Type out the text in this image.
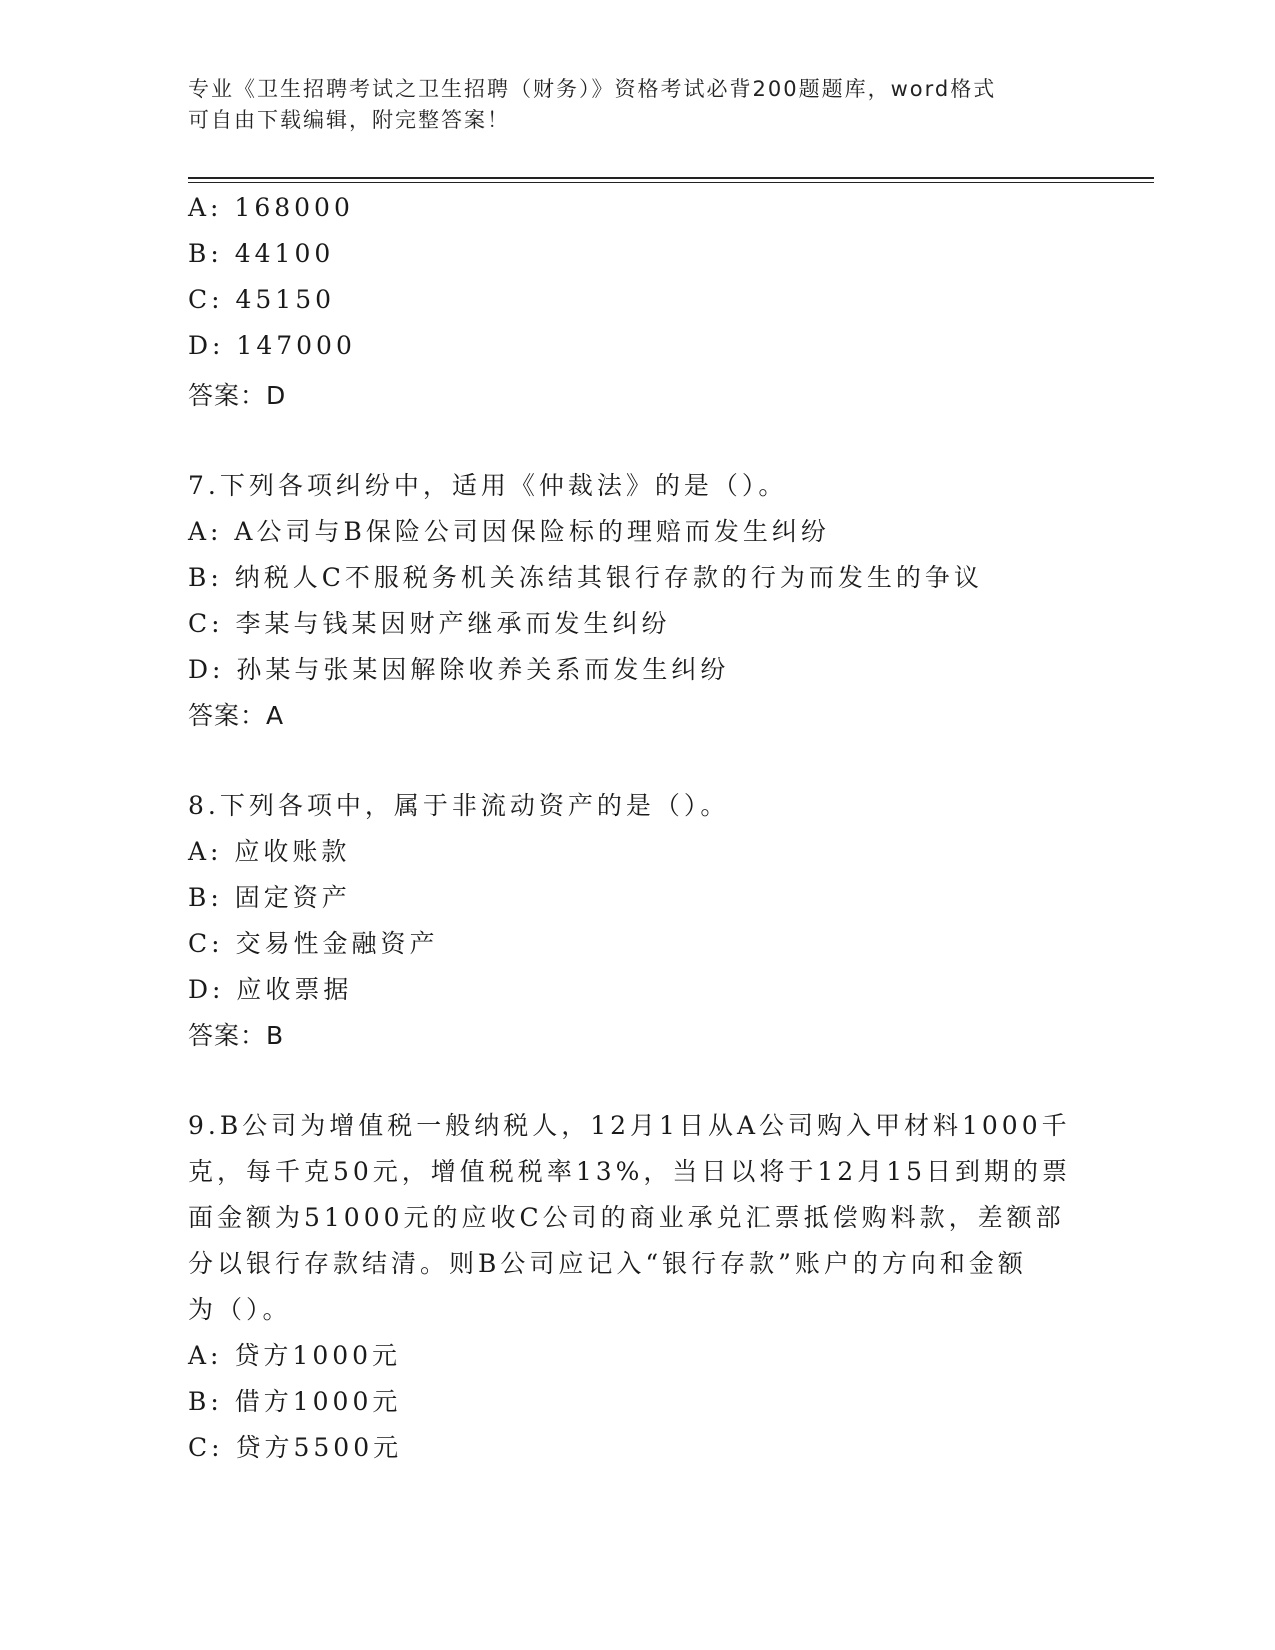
专业《卫生招聘考试之卫生招聘（财务）》资格考试必背200题题库，word格式
可自由下载编辑，附完整答案！
A: 168000
B: 44100
C: 45150
D: 147000
答案：D
7.下列各项纠纷中，适用《仲裁法》的是（）。
A: A公司与B保险公司因保险标的理赔而发生纠纷
B: 纳税人C不服税务机关冻结其银行存款的行为而发生的争议
C: 李某与钱某因财产继承而发生纠纷
D: 孙某与张某因解除收养关系而发生纠纷
答案：A
8.下列各项中，属于非流动资产的是（）。
A: 应收账款
B: 固定资产
C: 交易性金融资产
D: 应收票据
答案：B
9.B公司为增值税一般纳税人，12月1日从A公司购入甲材料1000千
克，每千克50元，增值税税率13%，当日以将于12月15日到期的票
面金额为51000元的应收C公司的商业承兑汇票抵偿购料款，差额部
分以银行存款结清。则B公司应记入“银行存款”账户的方向和金额
为（）。
A: 贷方1000元
B: 借方1000元
C: 贷方5500元
